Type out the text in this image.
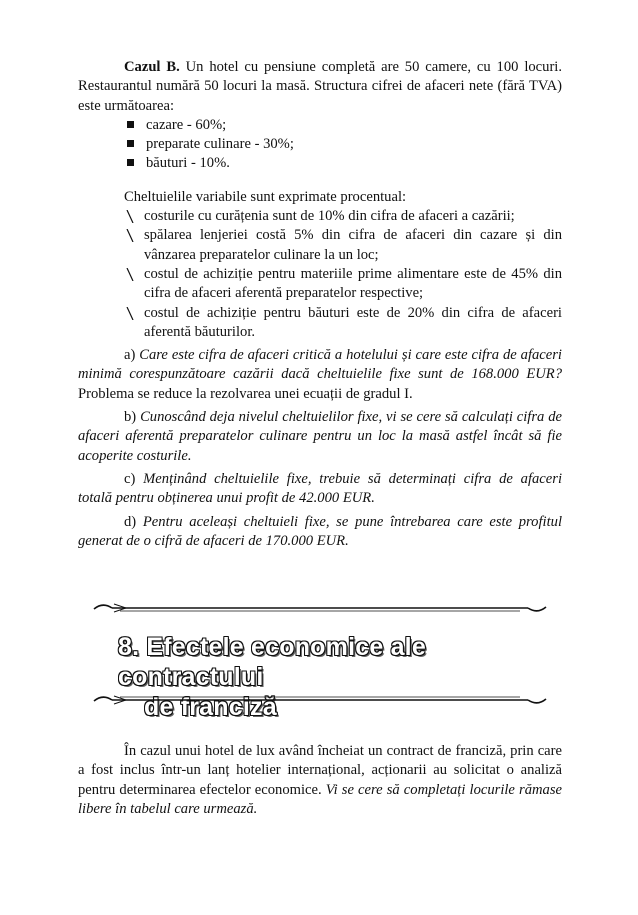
Cazul B. Un hotel cu pensiune completă are 50 camere, cu 100 locuri. Restaurantul numără 50 locuri la masă. Structura cifrei de afaceri nete (fără TVA) este următoarea:

cazare - 60%;
preparate culinare - 30%;
băuturi - 10%.

Cheltuielile variabile sunt exprimate procentual:

costurile cu curățenia sunt de 10% din cifra de afaceri a cazării;
spălarea lenjeriei costă 5% din cifra de afaceri din cazare și din vânzarea preparatelor culinare la un loc;
costul de achiziție pentru materiile prime alimentare este de 45% din cifra de afaceri aferentă preparatelor respective;
costul de achiziție pentru băuturi este de 20% din cifra de afaceri aferentă băuturilor.

a) Care este cifra de afaceri critică a hotelului și care este cifra de afaceri minimă corespunzătoare cazării dacă cheltuielile fixe sunt de 168.000 EUR? Problema se reduce la rezolvarea unei ecuații de gradul I.

b) Cunoscând deja nivelul cheltuielilor fixe, vi se cere să calculați cifra de afaceri aferentă preparatelor culinare pentru un loc la masă astfel încât să fie acoperite costurile.

c) Menținând cheltuielile fixe, trebuie să determinați cifra de afaceri totală pentru obținerea unui profit de 42.000 EUR.

d) Pentru aceleași cheltuieli fixe, se pune întrebarea care este profitul generat de o cifră de afaceri de 170.000 EUR.

8. Efectele economice ale contractului
de franciză

În cazul unui hotel de lux având încheiat un contract de franciză, prin care a fost inclus într-un lanț hotelier internațional, acționarii au solicitat o analiză pentru determinarea efectelor economice. Vi se cere să completați locurile rămase libere în tabelul care urmează.
